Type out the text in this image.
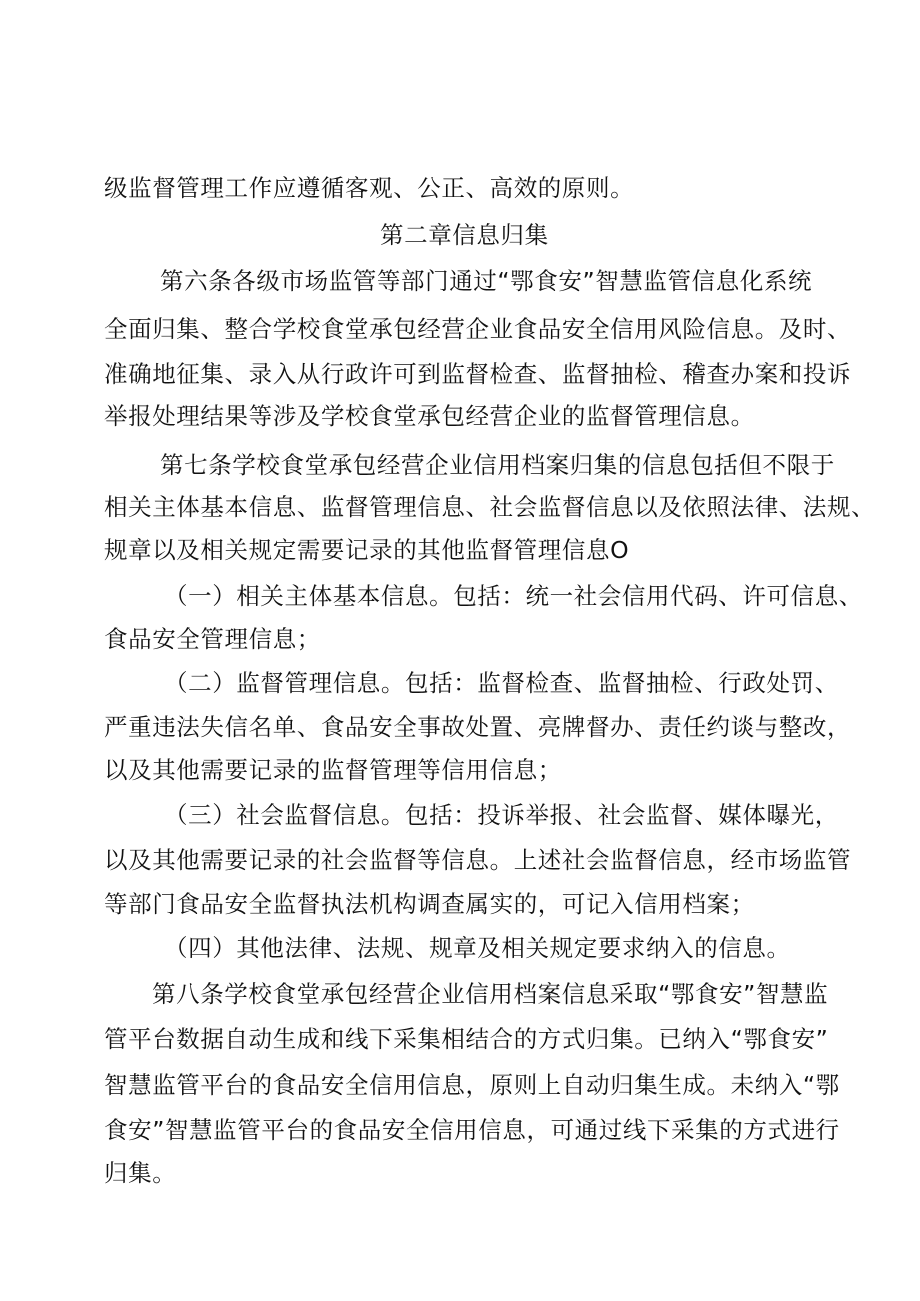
级监督管理工作应遵循客观、公正、高效的原则。
第二章信息归集
第六条各级市场监管等部门通过“鄂食安”智慧监管信息化系统
全面归集、整合学校食堂承包经营企业食品安全信用风险信息。及时、
准确地征集、录入从行政许可到监督检查、监督抽检、稽查办案和投诉
举报处理结果等涉及学校食堂承包经营企业的监督管理信息。
第七条学校食堂承包经营企业信用档案归集的信息包括但不限于
相关主体基本信息、监督管理信息、社会监督信息以及依照法律、法规、
规章以及相关规定需要记录的其他监督管理信息O
（一）相关主体基本信息。包括：统一社会信用代码、许可信息、
食品安全管理信息；
（二）监督管理信息。包括：监督检查、监督抽检、行政处罚、
严重违法失信名单、食品安全事故处置、亮牌督办、责任约谈与整改，
以及其他需要记录的监督管理等信用信息；
（三）社会监督信息。包括：投诉举报、社会监督、媒体曝光，
以及其他需要记录的社会监督等信息。上述社会监督信息，经市场监管
等部门食品安全监督执法机构调查属实的，可记入信用档案；
（四）其他法律、法规、规章及相关规定要求纳入的信息。
第八条学校食堂承包经营企业信用档案信息采取“鄂食安”智慧监
管平台数据自动生成和线下采集相结合的方式归集。已纳入“鄂食安”
智慧监管平台的食品安全信用信息，原则上自动归集生成。未纳入“鄂
食安”智慧监管平台的食品安全信用信息，可通过线下采集的方式进行
归集。
